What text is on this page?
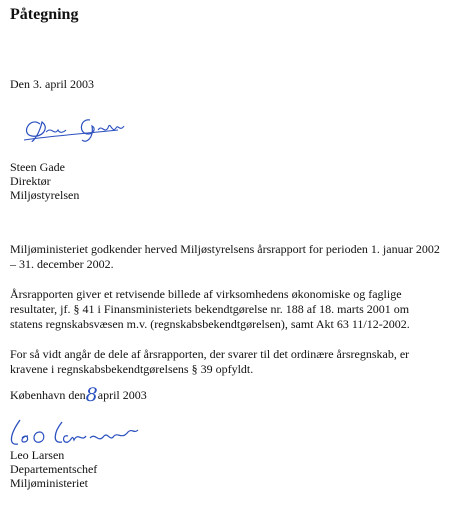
Påtegning
Den 3. april 2003
Steen Gade
Direktør
Miljøstyrelsen
Miljøministeriet godkender herved Miljøstyrelsens årsrapport for perioden 1. januar 2002 – 31. december 2002.
Årsrapporten giver et retvisende billede af virksomhedens økonomiske og faglige resultater, jf. § 41 i Finansministeriets bekendtgørelse nr. 188 af 18. marts 2001 om statens regnskabsvæsen m.v. (regnskabsbekendtgørelsen), samt Akt 63 11/12-2002.
For så vidt angår de dele af årsrapporten, der svarer til det ordinære årsregnskab, er kravene i regnskabsbekendtgørelsens § 39 opfyldt.
København den8april 2003
Leo Larsen
Departementschef
Miljøministeriet
